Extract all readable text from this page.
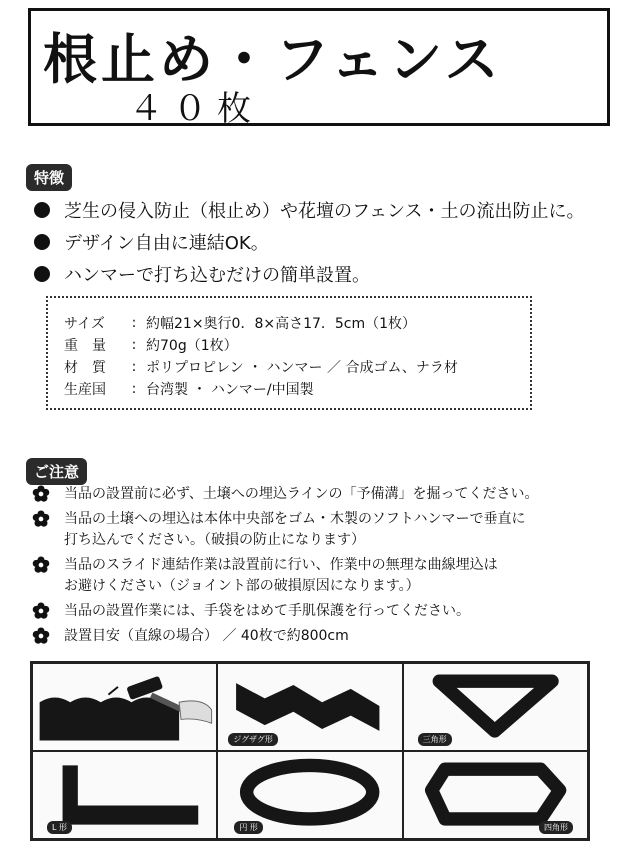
根止め・フェンス
４０枚
特徴
芝生の侵入防止（根止め）や花壇のフェンス・土の流出防止に。
デザイン自由に連結OK。
ハンマーで打ち込むだけの簡単設置。
サイズ	: 約幅21×奥行0．8×高さ17．5cm（1枚）
重　量	: 約70g（1枚）
材　質	: ポリプロピレン ・ ハンマー ／ 合成ゴム、ナラ材
生産国	: 台湾製 ・ ハンマー/中国製
ご注意
当品の設置前に必ず、土壌への埋込ラインの「予備溝」を掘ってください。
当品の土壌への埋込は本体中央部をゴム・木製のソフトハンマーで垂直に
打ち込んでください。（破損の防止になります）
当品のスライド連結作業は設置前に行い、作業中の無理な曲線埋込は
お避けください（ジョイント部の破損原因になります。）
当品の設置作業には、手袋をはめて手肌保護を行ってください。
設置目安（直線の場合） ／ 40枚で約800cm
ジグザグ形	三角形
L 形	円 形	四角形
